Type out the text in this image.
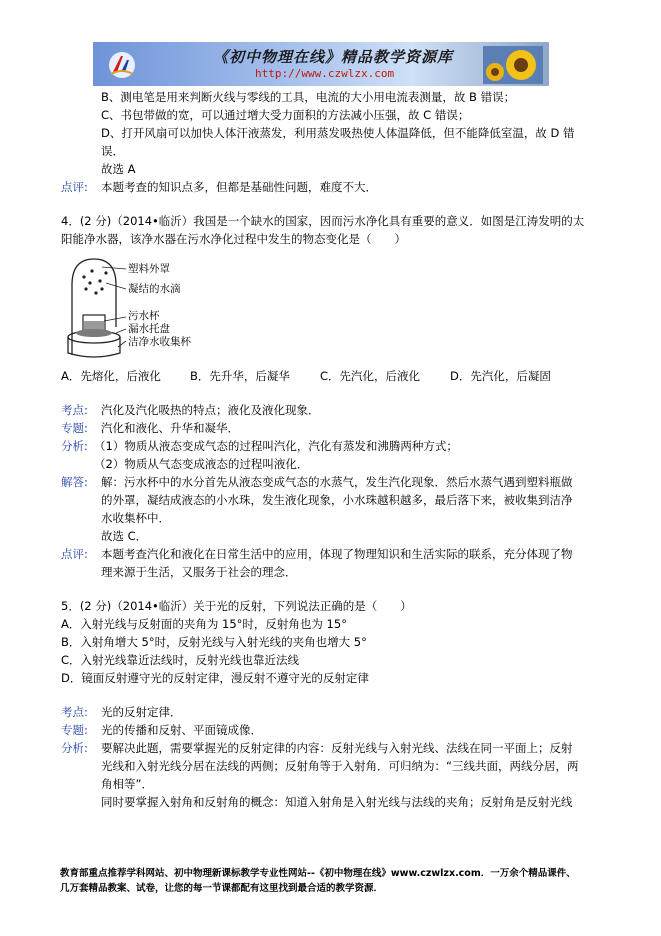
《初中物理在线》精品教学资源库
http://www.czwlzx.com
B、测电笔是用来判断火线与零线的工具，电流的大小用电流表测量，故 B 错误；
C、书包带做的宽，可以通过增大受力面积的方法减小压强，故 C 错误；
D、打开风扇可以加快人体汗液蒸发，利用蒸发吸热使人体温降低，但不能降低室温，故 D 错
误．
故选 A
点评: 本题考查的知识点多，但都是基础性问题，难度不大．
4．(2 分)（2014•临沂）我国是一个缺水的国家，因而污水净化具有重要的意义．如图是江涛发明的太
阳能净水器，该净水器在污水净化过程中发生的物态变化是（　　）
塑料外罩
凝结的水滴
污水杯
漏水托盘
洁净水收集杯
A．先熔化，后液化	B．先升华，后凝华	C．先汽化，后液化	D．先汽化，后凝固
考点: 汽化及汽化吸热的特点；液化及液化现象．
专题: 汽化和液化、升华和凝华．
分析: （1）物质从液态变成气态的过程叫汽化，汽化有蒸发和沸腾两种方式；
（2）物质从气态变成液态的过程叫液化．
解答: 解：污水杯中的水分首先从液态变成气态的水蒸气，发生汽化现象．然后水蒸气遇到塑料瓶做
的外罩，凝结成液态的小水珠，发生液化现象，小水珠越积越多，最后落下来，被收集到洁净
水收集杯中．
故选 C．
点评: 本题考查汽化和液化在日常生活中的应用，体现了物理知识和生活实际的联系，充分体现了物
理来源于生活，又服务于社会的理念．
5．(2 分)（2014•临沂）关于光的反射，下列说法正确的是（　　）
A．入射光线与反射面的夹角为 15°时，反射角也为 15°
B．入射角增大 5°时，反射光线与入射光线的夹角也增大 5°
C．入射光线靠近法线时，反射光线也靠近法线
D．镜面反射遵守光的反射定律，漫反射不遵守光的反射定律
考点: 光的反射定律．
专题: 光的传播和反射、平面镜成像．
分析: 要解决此题，需要掌握光的反射定律的内容：反射光线与入射光线、法线在同一平面上；反射
光线和入射光线分居在法线的两侧；反射角等于入射角．可归纳为：“三线共面，两线分居，两
角相等”．
同时要掌握入射角和反射角的概念：知道入射角是入射光线与法线的夹角；反射角是反射光线
教育部重点推荐学科网站、初中物理新课标教学专业性网站--《初中物理在线》www.czwlzx.com．一万余个精品课件、
几万套精品教案、试卷，让您的每一节课都配有这里找到最合适的教学资源．
